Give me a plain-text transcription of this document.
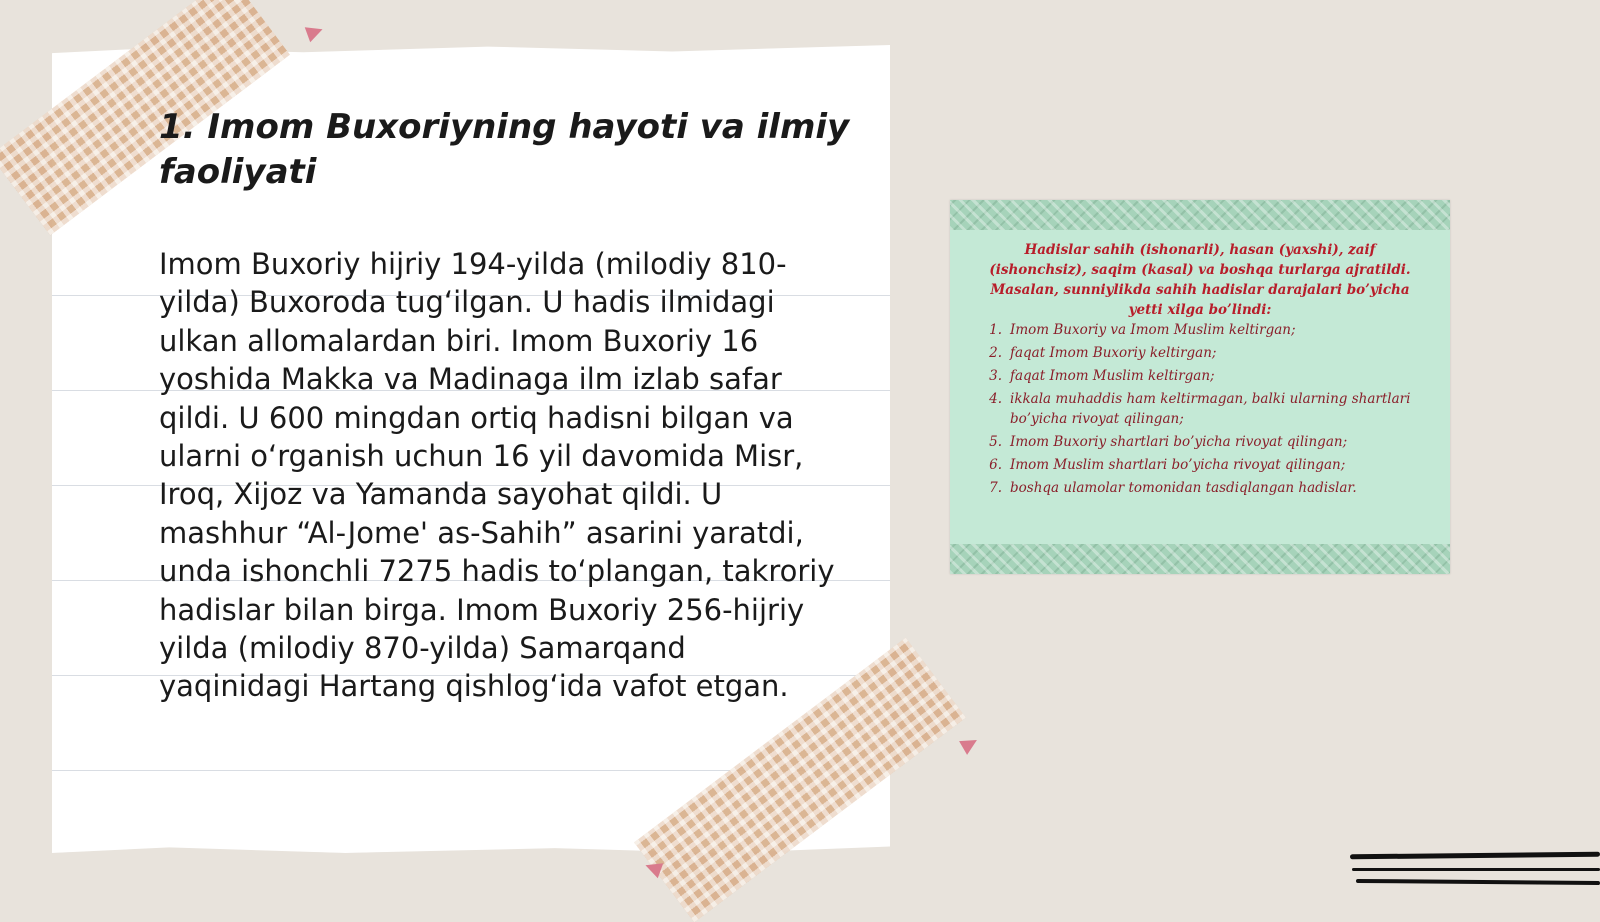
1. Imom Buxoriyning hayoti va ilmiy faoliyati

Imom Buxoriy hijriy 194-yilda (milodiy 810-yilda) Buxoroda tug‘ilgan. U hadis ilmidagi ulkan allomalardan biri. Imom Buxoriy 16 yoshida Makka va Madinaga ilm izlab safar qildi. U 600 mingdan ortiq hadisni bilgan va ularni o‘rganish uchun 16 yil davomida Misr, Iroq, Xijoz va Yamanda sayohat qildi. U mashhur “Al-Jome' as-Sahih” asarini yaratdi, unda ishonchli 7275 hadis to‘plangan, takroriy hadislar bilan birga. Imom Buxoriy 256-hijriy yilda (milodiy 870-yilda) Samarqand yaqinidagi Hartang qishlog‘ida vafot etgan.

Hadislar sahih (ishonarli), hasan (yaxshi), zaif (ishonchsiz), saqim (kasal) va boshqa turlarga ajratildi. Masalan, sunniylikda sahih hadislar darajalari bo’yicha yetti xilga bo’lindi:

1. Imom Buxoriy va Imom Muslim keltirgan;
2. faqat Imom Buxoriy keltirgan;
3. faqat Imom Muslim keltirgan;
4. ikkala muhaddis ham keltirmagan, balki ularning shartlari bo’yicha rivoyat qilingan;
5. Imom Buxoriy shartlari bo’yicha rivoyat qilingan;
6. Imom Muslim shartlari bo’yicha rivoyat qilingan;
7. boshqa ulamolar tomonidan tasdiqlangan hadislar.
